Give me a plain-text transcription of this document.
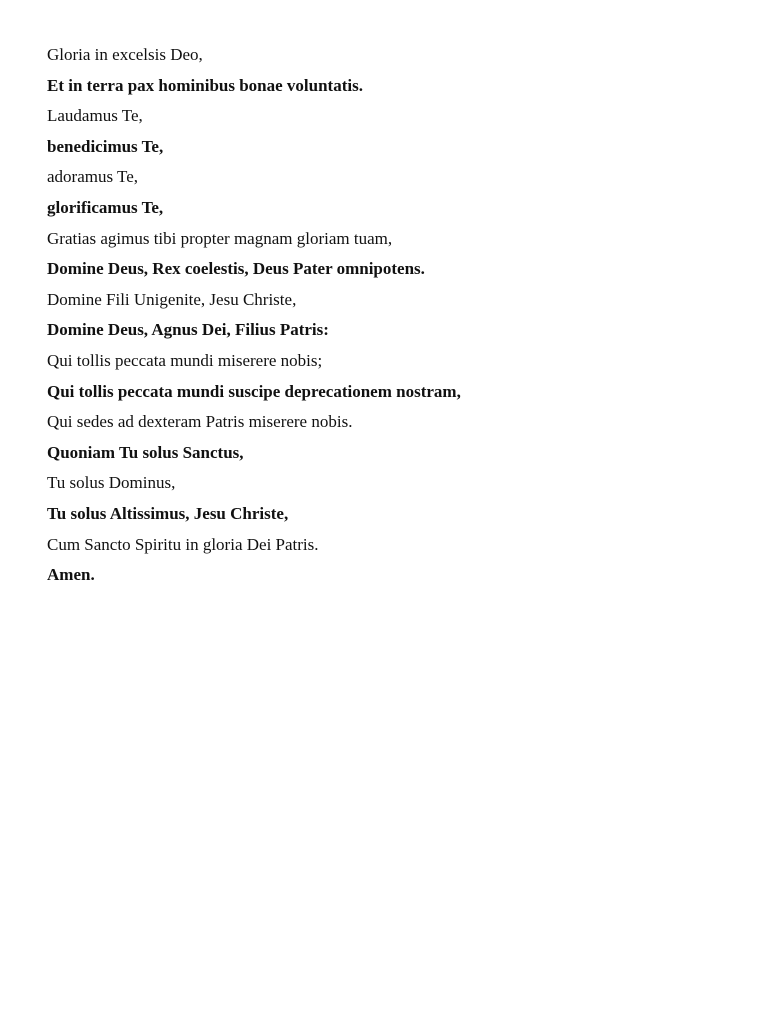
Gloria in excelsis Deo,

Et in terra pax hominibus bonae voluntatis.

Laudamus Te,

benedicimus Te,

adoramus Te,

glorificamus Te,

Gratias agimus tibi propter magnam gloriam tuam,

Domine Deus, Rex coelestis, Deus Pater omnipotens.

Domine Fili Unigenite, Jesu Christe,

Domine Deus, Agnus Dei, Filius Patris:

Qui tollis peccata mundi miserere nobis;

Qui tollis peccata mundi suscipe deprecationem nostram,

Qui sedes ad dexteram Patris miserere nobis.

Quoniam Tu solus Sanctus,

Tu solus Dominus,

Tu solus Altissimus, Jesu Christe,

Cum Sancto Spiritu in gloria Dei Patris.

Amen.
